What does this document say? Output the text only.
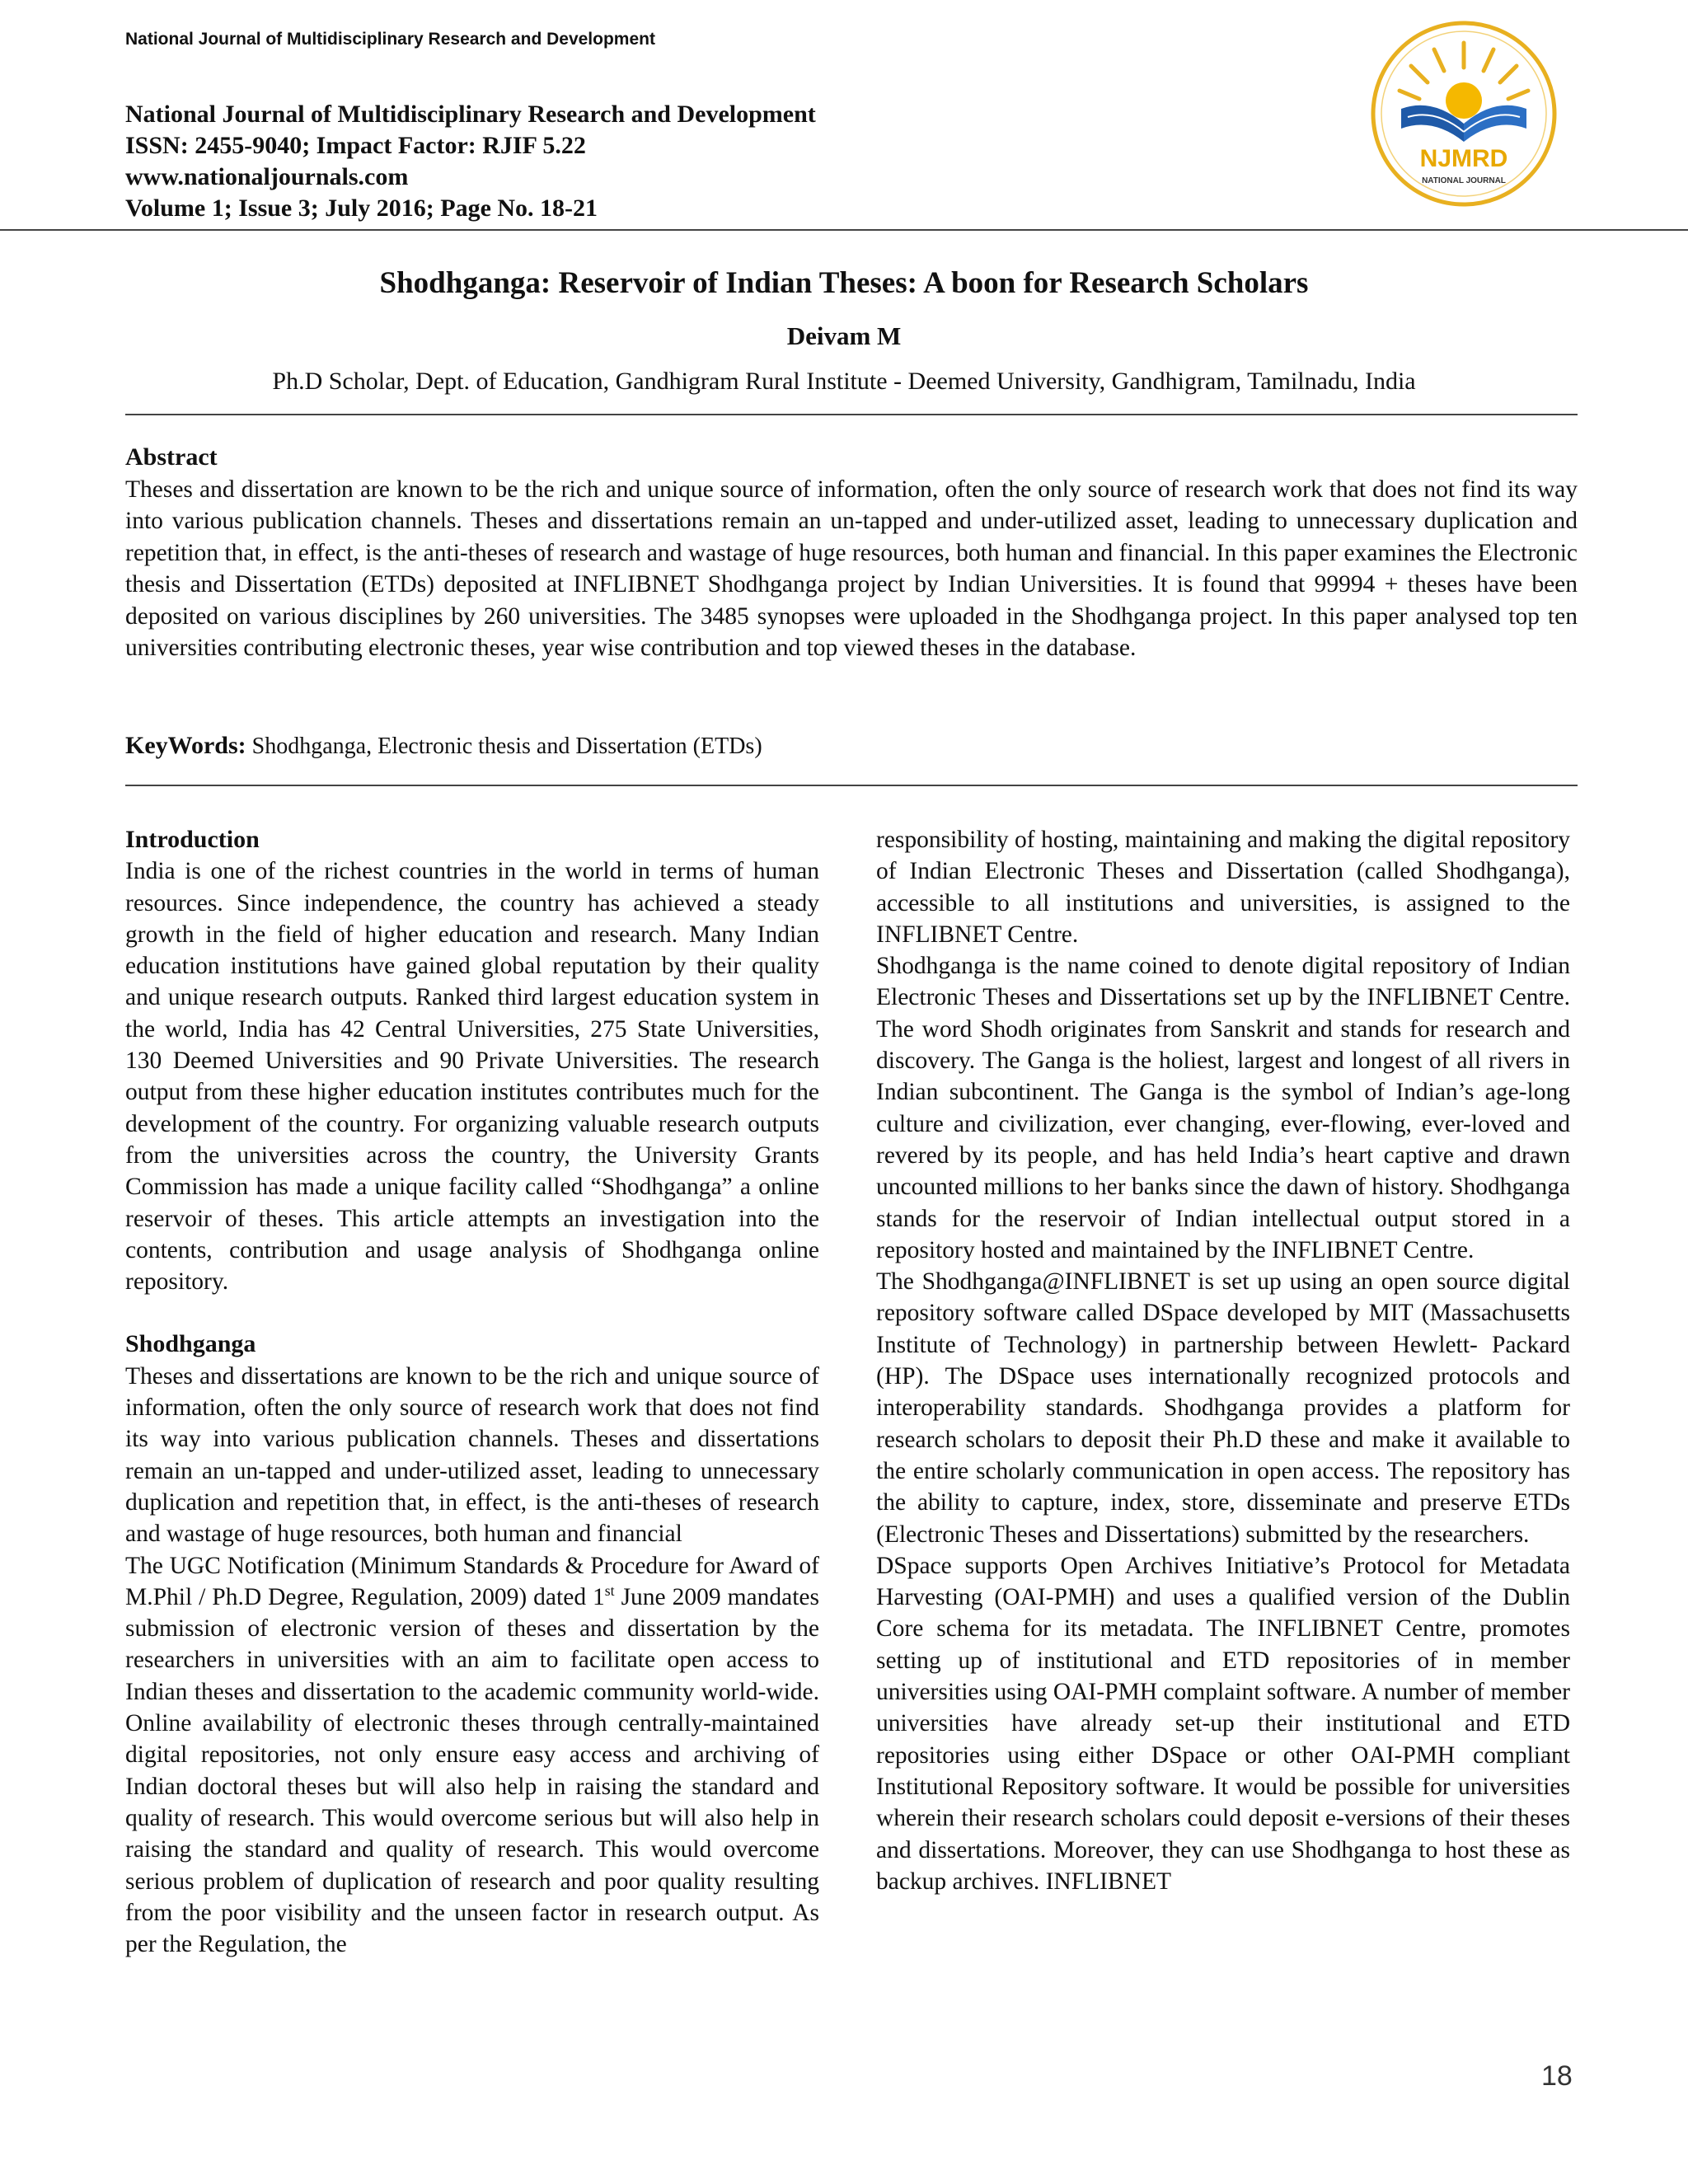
National Journal of Multidisciplinary Research and Development
National Journal of Multidisciplinary Research and Development
ISSN: 2455-9040; Impact Factor: RJIF 5.22
www.nationaljournals.com
Volume 1; Issue 3; July 2016; Page No. 18-21
NJMRD
NATIONAL JOURNAL
Shodhganga: Reservoir of Indian Theses: A boon for Research Scholars
Deivam M
Ph.D Scholar, Dept. of Education, Gandhigram Rural Institute - Deemed University, Gandhigram, Tamilnadu, India
Abstract
Theses and dissertation are known to be the rich and unique source of information, often the only source of research work that does not find its way into various publication channels. Theses and dissertations remain an un-tapped and under-utilized asset, leading to unnecessary duplication and repetition that, in effect, is the anti-theses of research and wastage of huge resources, both human and financial. In this paper examines the Electronic thesis and Dissertation (ETDs) deposited at INFLIBNET Shodhganga project by Indian Universities. It is found that 99994 + theses have been deposited on various disciplines by 260 universities. The 3485 synopses were uploaded in the Shodhganga project. In this paper analysed top ten universities contributing electronic theses, year wise contribution and top viewed theses in the database.
KeyWords: Shodhganga, Electronic thesis and Dissertation (ETDs)

Introduction

India is one of the richest countries in the world in terms of human resources. Since independence, the country has achieved a steady growth in the field of higher education and research. Many Indian education institutions have gained global reputation by their quality and unique research outputs. Ranked third largest education system in the world, India has 42 Central Universities, 275 State Universities, 130 Deemed Universities and 90 Private Universities. The research output from these higher education institutes contributes much for the development of the country. For organizing valuable research outputs from the universities across the country, the University Grants Commission has made a unique facility called “Shodhganga” a online reservoir of theses. This article attempts an investigation into the contents, contribution and usage analysis of Shodhganga online repository.

Shodhganga

Theses and dissertations are known to be the rich and unique source of information, often the only source of research work that does not find its way into various publication channels. Theses and dissertations remain an un-tapped and under-utilized asset, leading to unnecessary duplication and repetition that, in effect, is the anti-theses of research and wastage of huge resources, both human and financial

The UGC Notification (Minimum Standards & Procedure for Award of M.Phil / Ph.D Degree, Regulation, 2009) dated 1st June 2009 mandates submission of electronic version of theses and dissertation by the researchers in universities with an aim to facilitate open access to Indian theses and dissertation to the academic community world-wide. Online availability of electronic theses through centrally-maintained digital repositories, not only ensure easy access and archiving of Indian doctoral theses but will also help in raising the standard and quality of research. This would overcome serious but will also help in raising the standard and quality of research. This would overcome serious problem of duplication of research and poor quality resulting from the poor visibility and the unseen factor in research output. As per the Regulation, the

responsibility of hosting, maintaining and making the digital repository of Indian Electronic Theses and Dissertation (called Shodhganga), accessible to all institutions and universities, is assigned to the INFLIBNET Centre.

Shodhganga is the name coined to denote digital repository of Indian Electronic Theses and Dissertations set up by the INFLIBNET Centre. The word Shodh originates from Sanskrit and stands for research and discovery. The Ganga is the holiest, largest and longest of all rivers in Indian subcontinent. The Ganga is the symbol of Indian’s age-long culture and civilization, ever changing, ever-flowing, ever-loved and revered by its people, and has held India’s heart captive and drawn uncounted millions to her banks since the dawn of history. Shodhganga stands for the reservoir of Indian intellectual output stored in a repository hosted and maintained by the INFLIBNET Centre.

The Shodhganga@INFLIBNET is set up using an open source digital repository software called DSpace developed by MIT (Massachusetts Institute of Technology) in partnership between Hewlett- Packard (HP). The DSpace uses internationally recognized protocols and interoperability standards. Shodhganga provides a platform for research scholars to deposit their Ph.D these and make it available to the entire scholarly communication in open access. The repository has the ability to capture, index, store, disseminate and preserve ETDs (Electronic Theses and Dissertations) submitted by the researchers.

DSpace supports Open Archives Initiative’s Protocol for Metadata Harvesting (OAI-PMH) and uses a qualified version of the Dublin Core schema for its metadata. The INFLIBNET Centre, promotes setting up of institutional and ETD repositories of in member universities using OAI-PMH complaint software. A number of member universities have already set-up their institutional and ETD repositories using either DSpace or other OAI-PMH compliant Institutional Repository software. It would be possible for universities wherein their research scholars could deposit e-versions of their theses and dissertations. Moreover, they can use Shodhganga to host these as backup archives. INFLIBNET

18
